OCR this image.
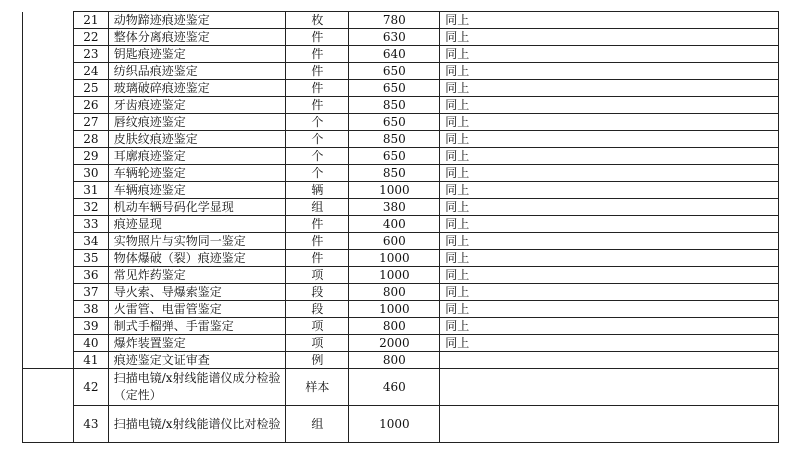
	21	动物蹄迹痕迹鉴定	枚	780	同上
	22	整体分离痕迹鉴定	件	630	同上
	23	钥匙痕迹鉴定	件	640	同上
	24	纺织品痕迹鉴定	件	650	同上
	25	玻璃破碎痕迹鉴定	件	650	同上
	26	牙齿痕迹鉴定	件	850	同上
	27	唇纹痕迹鉴定	个	650	同上
	28	皮肤纹痕迹鉴定	个	850	同上
	29	耳廓痕迹鉴定	个	650	同上
	30	车辆轮迹鉴定	个	850	同上
	31	车辆痕迹鉴定	辆	1000	同上
	32	机动车辆号码化学显现	组	380	同上
	33	痕迹显现	件	400	同上
	34	实物照片与实物同一鉴定	件	600	同上
	35	物体爆破（裂）痕迹鉴定	件	1000	同上
	36	常见炸药鉴定	项	1000	同上
	37	导火索、导爆索鉴定	段	800	同上
	38	火雷管、电雷管鉴定	段	1000	同上
	39	制式手榴弹、手雷鉴定	项	800	同上
	40	爆炸装置鉴定	项	2000	同上
	41	痕迹鉴定文证审查	例	800	
	42	扫描电镜/x射线能谱仪成分检验（定性）	样本	460	
	43	扫描电镜/x射线能谱仪比对检验	组	1000	
